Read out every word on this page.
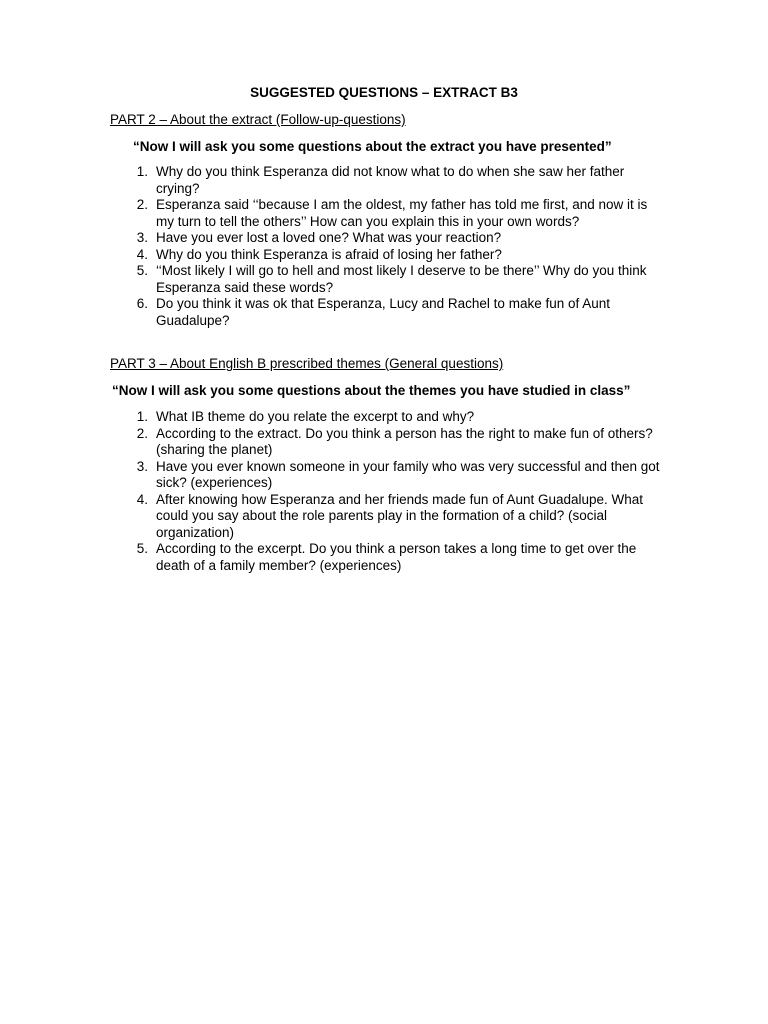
SUGGESTED QUESTIONS – EXTRACT B3
PART 2 – About the extract (Follow-up-questions)
“Now I will ask you some questions about the extract you have presented”
1. Why do you think Esperanza did not know what to do when she saw her father crying?
2. Esperanza said ‘‘because I am the oldest, my father has told me first, and now it is my turn to tell the others’’ How can you explain this in your own words?
3. Have you ever lost a loved one? What was your reaction?
4. Why do you think Esperanza is afraid of losing her father?
5. ‘‘Most likely I will go to hell and most likely I deserve to be there’’ Why do you think Esperanza said these words?
6. Do you think it was ok that Esperanza, Lucy and Rachel to make fun of Aunt Guadalupe?
PART 3 – About English B prescribed themes (General questions)
“Now I will ask you some questions about the themes you have studied in class”
1. What IB theme do you relate the excerpt to and why?
2. According to the extract. Do you think a person has the right to make fun of others? (sharing the planet)
3. Have you ever known someone in your family who was very successful and then got sick? (experiences)
4. After knowing how Esperanza and her friends made fun of Aunt Guadalupe. What could you say about the role parents play in the formation of a child? (social organization)
5. According to the excerpt. Do you think a person takes a long time to get over the death of a family member? (experiences)
